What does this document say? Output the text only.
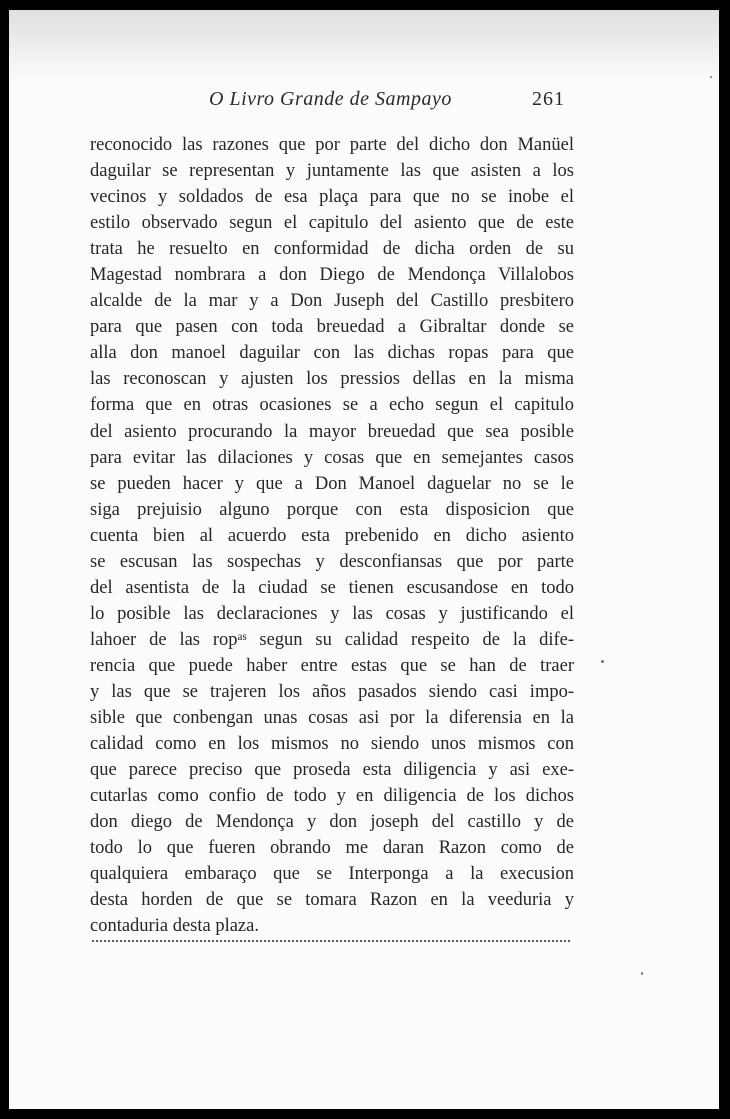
O Livro Grande de Sampayo	261
reconocido las razones que por parte del dicho don Manüel
daguilar se representan y juntamente las que asisten a los
vecinos y soldados de esa plaça para que no se inobe el
estilo observado segun el capitulo del asiento que de este
trata he resuelto en conformidad de dicha orden de su
Magestad nombrara a don Diego de Mendonça Villalobos
alcalde de la mar y a Don Juseph del Castillo presbitero
para que pasen con toda breuedad a Gibraltar donde se
alla don manoel daguilar con las dichas ropas para que
las reconoscan y ajusten los pressios dellas en la misma
forma que en otras ocasiones se a echo segun el capitulo
del asiento procurando la mayor breuedad que sea posible
para evitar las dilaciones y cosas que en semejantes casos
se pueden hacer y que a Don Manoel daguelar no se le
siga prejuisio alguno porque con esta disposicion que
cuenta bien al acuerdo esta prebenido en dicho asiento
se escusan las sospechas y desconfiansas que por parte
del asentista de la ciudad se tienen escusandose en todo
lo posible las declaraciones y las cosas y justificando el
lahoer de las ropᵃˢ segun su calidad respeito de la dife-
rencia que puede haber entre estas que se han de traer
y las que se trajeren los años pasados siendo casi impo-
sible que conbengan unas cosas asi por la diferensia en la
calidad como en los mismos no siendo unos mismos con
que parece preciso que proseda esta diligencia y asi exe-
cutarlas como confio de todo y en diligencia de los dichos
don diego de Mendonça y don joseph del castillo y de
todo lo que fueren obrando me daran Razon como de
qualquiera embaraço que se Interponga a la execusion
desta horden de que se tomara Razon en la veeduria y
contaduria desta plaza.
